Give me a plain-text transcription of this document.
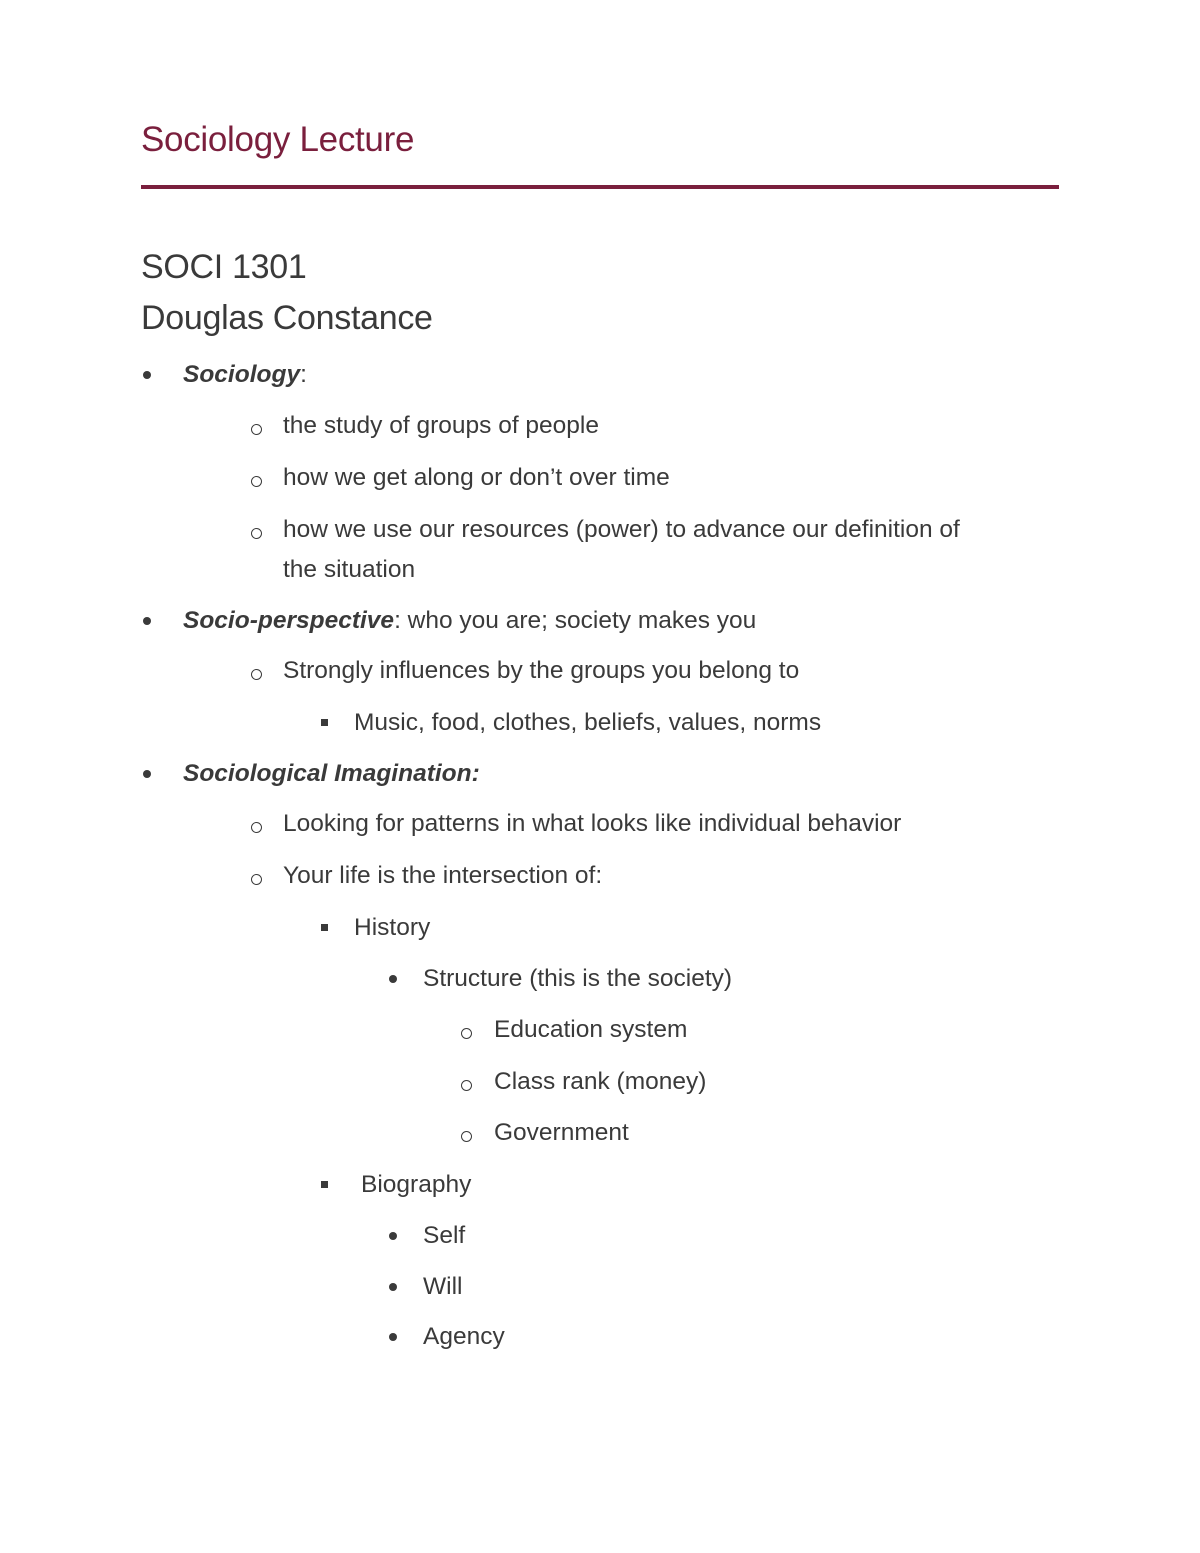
Sociology Lecture
SOCI 1301
Douglas Constance
Sociology:
the study of groups of people
how we get along or don’t over time
how we use our resources (power) to advance our definition of
the situation
Socio-perspective: who you are; society makes you
Strongly influences by the groups you belong to
Music, food, clothes, beliefs, values, norms
Sociological Imagination:
Looking for patterns in what looks like individual behavior
Your life is the intersection of:
History
Structure (this is the society)
Education system
Class rank (money)
Government
Biography
Self
Will
Agency
